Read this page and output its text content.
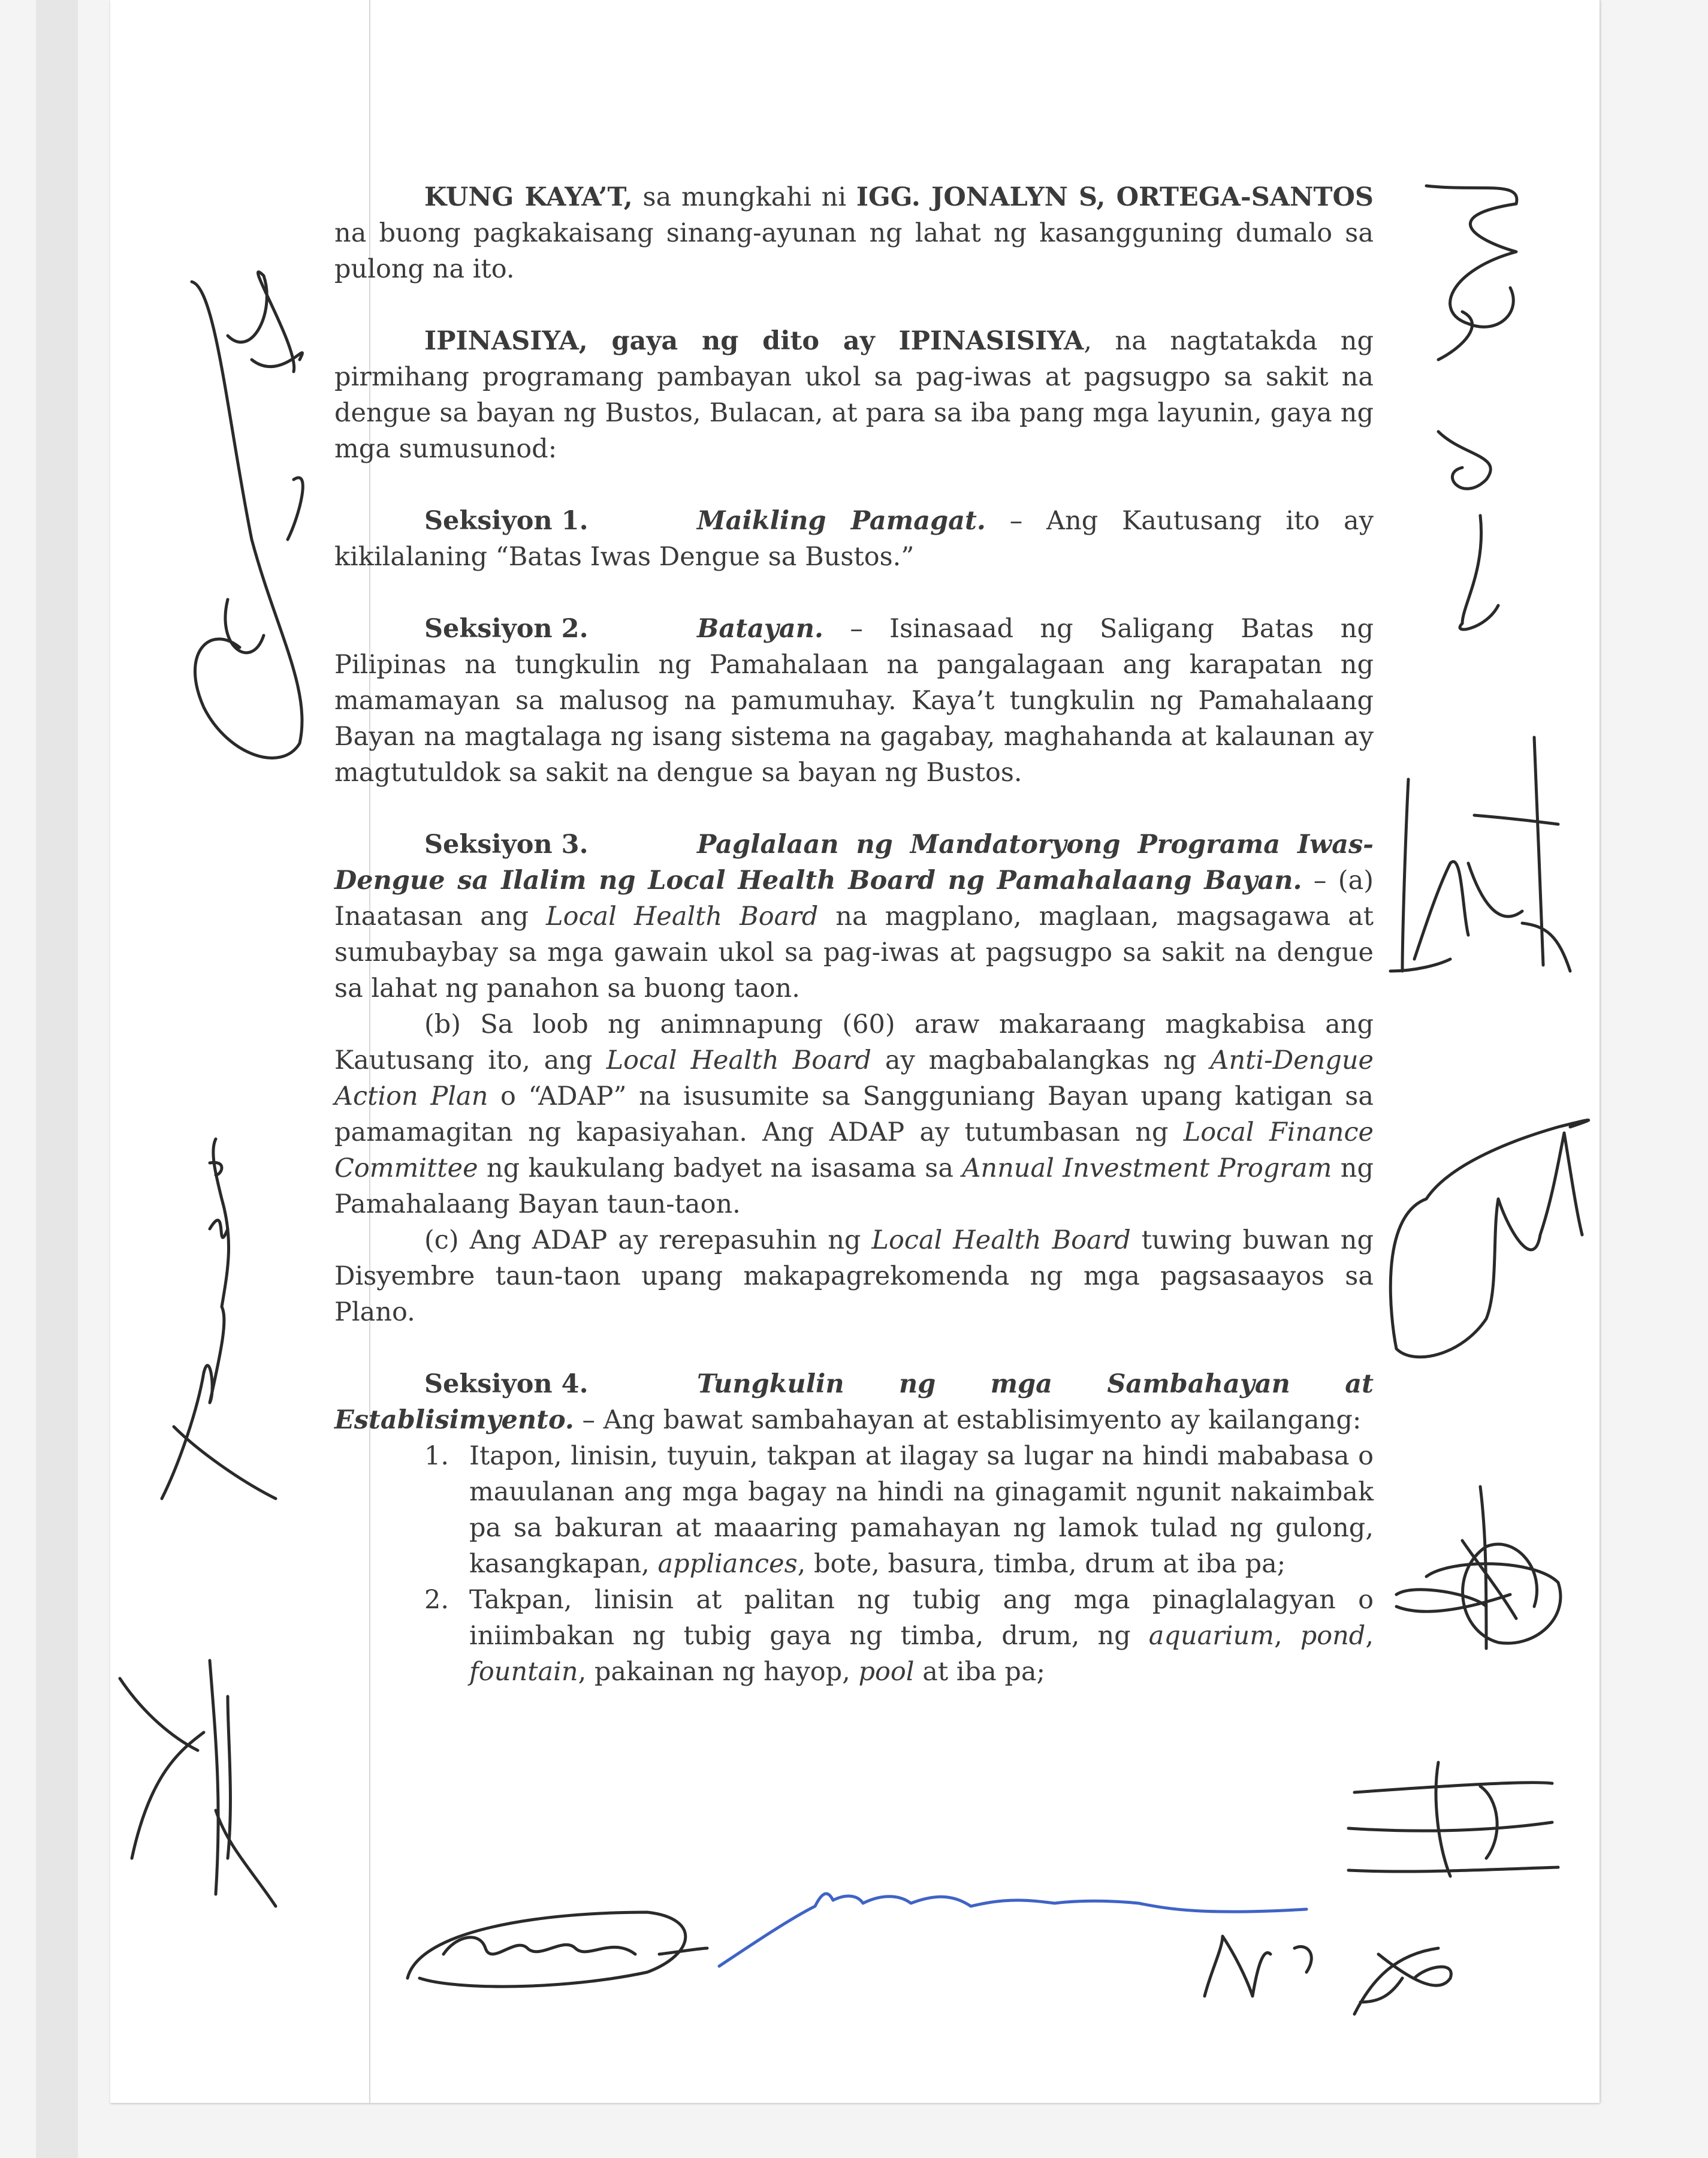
KUNG KAYA’T, sa mungkahi ni IGG. JONALYN S, ORTEGA-SANTOS na buong pagkakaisang sinang-ayunan ng lahat ng kasangguning dumalo sa pulong na ito.

IPINASIYA, gaya ng dito ay IPINASISIYA, na nagtatakda ng pirmihang programang pambayan ukol sa pag-iwas at pagsugpo sa sakit na dengue sa bayan ng Bustos, Bulacan, at para sa iba pang mga layunin, gaya ng mga sumusunod:

Seksiyon 1.	Maikling Pamagat. – Ang Kautusang ito ay kikilalaning “Batas Iwas Dengue sa Bustos.”

Seksiyon 2.	Batayan. – Isinasaad ng Saligang Batas ng Pilipinas na tungkulin ng Pamahalaan na pangalagaan ang karapatan ng mamamayan sa malusog na pamumuhay. Kaya’t tungkulin ng Pamahalaang Bayan na magtalaga ng isang sistema na gagabay, maghahanda at kalaunan ay magtutuldok sa sakit na dengue sa bayan ng Bustos.

Seksiyon 3.	Paglalaan ng Mandatoryong Programa Iwas-Dengue sa Ilalim ng Local Health Board ng Pamahalaang Bayan. – (a) Inaatasan ang Local Health Board na magplano, maglaan, magsagawa at sumubaybay sa mga gawain ukol sa pag-iwas at pagsugpo sa sakit na dengue sa lahat ng panahon sa buong taon.

(b) Sa loob ng animnapung (60) araw makaraang magkabisa ang Kautusang ito, ang Local Health Board ay magbabalangkas ng Anti-Dengue Action Plan o “ADAP” na isusumite sa Sangguniang Bayan upang katigan sa pamamagitan ng kapasiyahan. Ang ADAP ay tutumbasan ng Local Finance Committee ng kaukulang badyet na isasama sa Annual Investment Program ng Pamahalaang Bayan taun-taon.

(c) Ang ADAP ay rerepasuhin ng Local Health Board tuwing buwan ng Disyembre taun-taon upang makapagrekomenda ng mga pagsasaayos sa Plano.

Seksiyon 4.	Tungkulin ng mga Sambahayan at Establisimyento. – Ang bawat sambahayan at establisimyento ay kailangang:

1. Itapon, linisin, tuyuin, takpan at ilagay sa lugar na hindi mababasa o mauulanan ang mga bagay na hindi na ginagamit ngunit nakaimbak pa sa bakuran at maaaring pamahayan ng lamok tulad ng gulong, kasangkapan, appliances, bote, basura, timba, drum at iba pa;
2. Takpan, linisin at palitan ng tubig ang mga pinaglalagyan o iniimbakan ng tubig gaya ng timba, drum, ng aquarium, pond, fountain, pakainan ng hayop, pool at iba pa;
